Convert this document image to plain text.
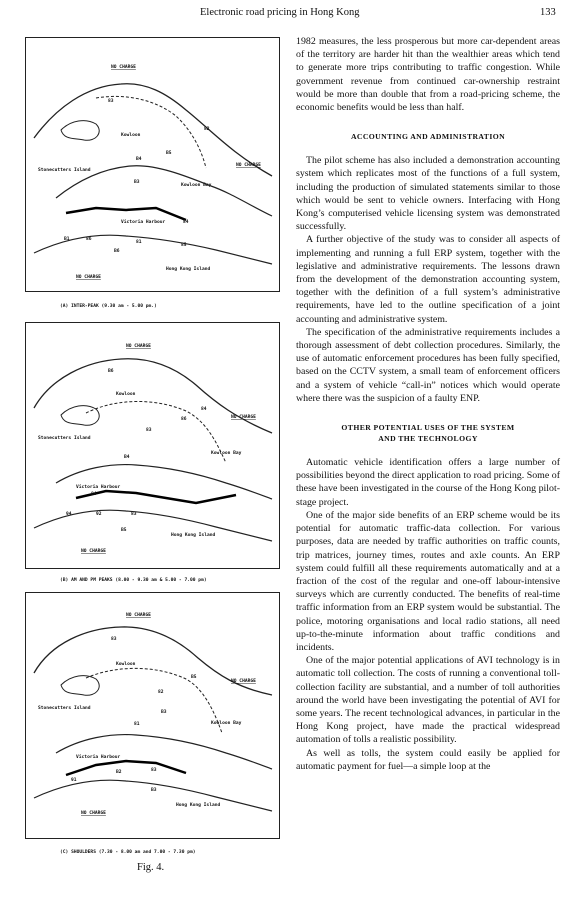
Electronic road pricing in Hong Kong	133
NO CHARGE
NO CHARGE
NO CHARGE
Kowloon
Kowloon Bay
Victoria Harbour
Stonecutters Island
Hong Kong Island
83
82
B4
B3
B5
84
81
B6
85
86
B1
(A) INTER-PEAK (9.30 am - 5.00 pm.)
NO CHARGE
NO CHARGE
NO CHARGE
Kowloon
Kowloon Bay
Victoria Harbour
Stonecutters Island
Hong Kong Island
B6
84
86
83
B4
94	92
84
83
B5
(B) AM AND PM PEAKS (8.00 - 9.30 am & 5.00 - 7.00 pm)
NO CHARGE
NO CHARGE
NO CHARGE
Kowloon
Kowloon Bay
Victoria Harbour
Stonecutters Island
Hong Kong Island
83
B5
82
B3
81
91
B2	83
B3
(C) SHOULDERS (7.30 - 8.00 am and 7.00 - 7.30 pm)
Fig. 4.

1982 measures, the less prosperous but more car-dependent areas of the territory are harder hit than the wealthier areas which tend to generate more trips contributing to traffic congestion. While government revenue from continued car-ownership restraint would be more than double that from a road-pricing scheme, the economic benefits would be less than half.

ACCOUNTING AND ADMINISTRATION

The pilot scheme has also included a demonstration accounting system which replicates most of the functions of a full system, including the production of simulated statements similar to those which would be sent to vehicle owners. Interfacing with Hong Kong’s computerised vehicle licensing system was demonstrated successfully.

A further objective of the study was to consider all aspects of implementing and running a full ERP system, together with the legislative and administrative requirements. The lessons drawn from the development of the demonstration accounting system, together with the definition of a full system’s administrative requirements, have led to the outline specification of a joint accounting and administrative system.

The specification of the administrative requirements includes a thorough assessment of debt collection procedures. Similarly, the use of automatic enforcement procedures has been fully specified, based on the CCTV system, a small team of enforcement officers and a system of vehicle “call-in” notices which would operate where there was the suspicion of a faulty ENP.

OTHER POTENTIAL USES OF THE SYSTEM
AND THE TECHNOLOGY

Automatic vehicle identification offers a large number of possibilities beyond the direct application to road pricing. Some of these have been investigated in the course of the Hong Kong pilot-stage project.

One of the major side benefits of an ERP scheme would be its potential for automatic traffic-data collection. For various purposes, data are needed by traffic authorities on traffic counts, trip matrices, journey times, routes and axle counts. An ERP system could fulfill all these requirements automatically and at a fraction of the cost of the regular and one-off labour-intensive surveys which are currently conducted. The benefits of real-time traffic information from an ERP system would be substantial. The police, motoring organisations and local radio stations, all need up-to-the-minute information about traffic conditions and incidents.

One of the major potential applications of AVI technology is in automatic toll collection. The costs of running a conventional toll-collection facility are substantial, and a number of toll authorities around the world have been investigating the potential of AVI for some years. The recent technological advances, in particular in the Hong Kong project, have made the practical widespread automation of tolls a realistic possibility.

As well as tolls, the system could easily be applied for automatic payment for fuel—a simple loop at the
